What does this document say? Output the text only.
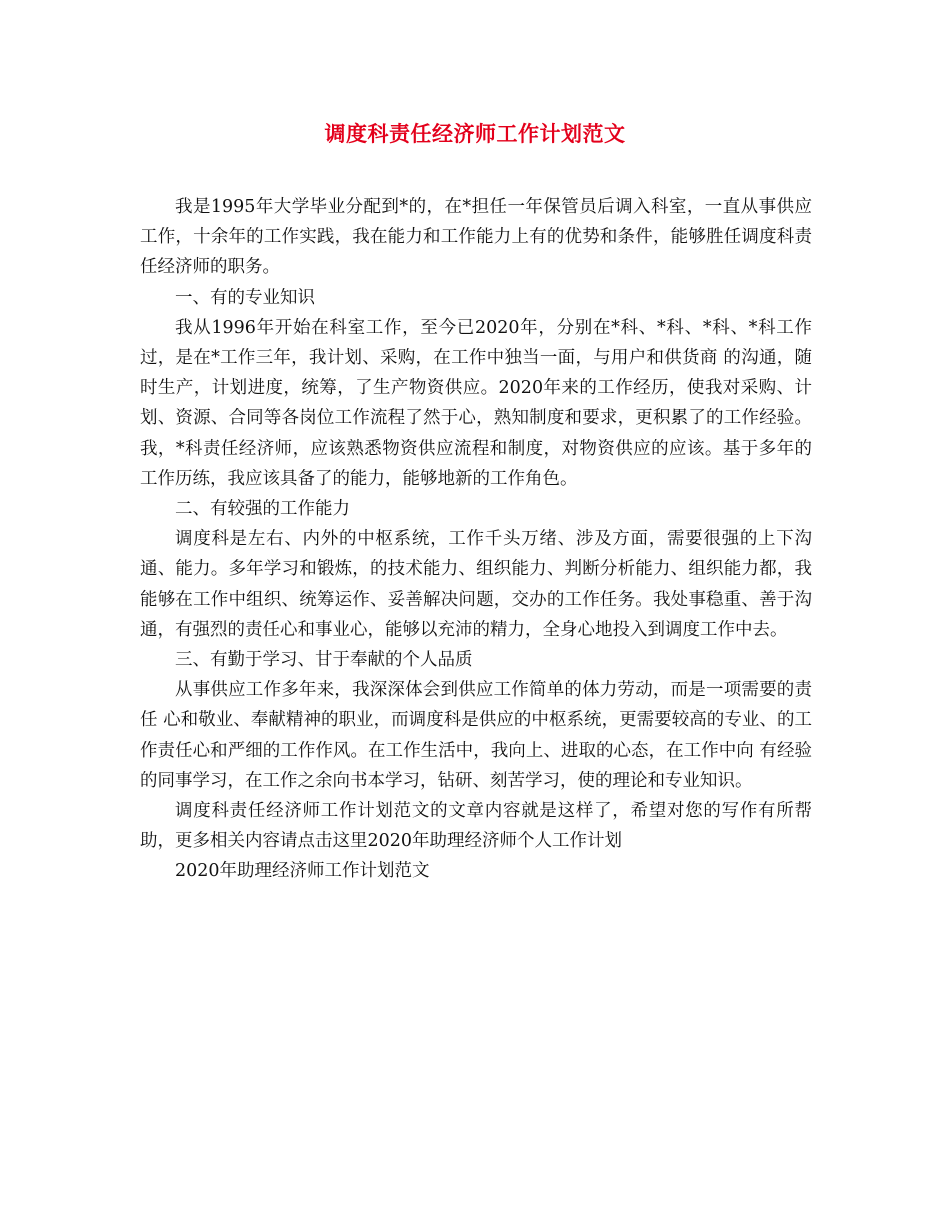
调度科责任经济师工作计划范文

我是1995年大学毕业分配到*的，在*担任一年保管员后调入科室，一直从事供应工作，十余年的工作实践，我在能力和工作能力上有的优势和条件，能够胜任调度科责任经济师的职务。

一、有的专业知识

我从1996年开始在科室工作，至今已2020年，分别在*科、*科、*科、*科工作过，是在*工作三年，我计划、采购，在工作中独当一面，与用户和供货商 的沟通，随时生产，计划进度，统筹，了生产物资供应。2020年来的工作经历，使我对采购、计划、资源、合同等各岗位工作流程了然于心，熟知制度和要求，更积累了的工作经验。我，*科责任经济师，应该熟悉物资供应流程和制度，对物资供应的应该。基于多年的工作历练，我应该具备了的能力，能够地新的工作角色。

二、有较强的工作能力

调度科是左右、内外的中枢系统，工作千头万绪、涉及方面，需要很强的上下沟通、能力。多年学习和锻炼，的技术能力、组织能力、判断分析能力、组织能力都，我能够在工作中组织、统筹运作、妥善解决问题，交办的工作任务。我处事稳重、善于沟通，有强烈的责任心和事业心，能够以充沛的精力，全身心地投入到调度工作中去。

三、有勤于学习、甘于奉献的个人品质

从事供应工作多年来，我深深体会到供应工作简单的体力劳动，而是一项需要的责任 心和敬业、奉献精神的职业，而调度科是供应的中枢系统，更需要较高的专业、的工作责任心和严细的工作作风。在工作生活中，我向上、进取的心态，在工作中向 有经验的同事学习，在工作之余向书本学习，钻研、刻苦学习，使的理论和专业知识。

调度科责任经济师工作计划范文的文章内容就是这样了，希望对您的写作有所帮助，更多相关内容请点击这里2020年助理经济师个人工作计划

2020年助理经济师工作计划范文
